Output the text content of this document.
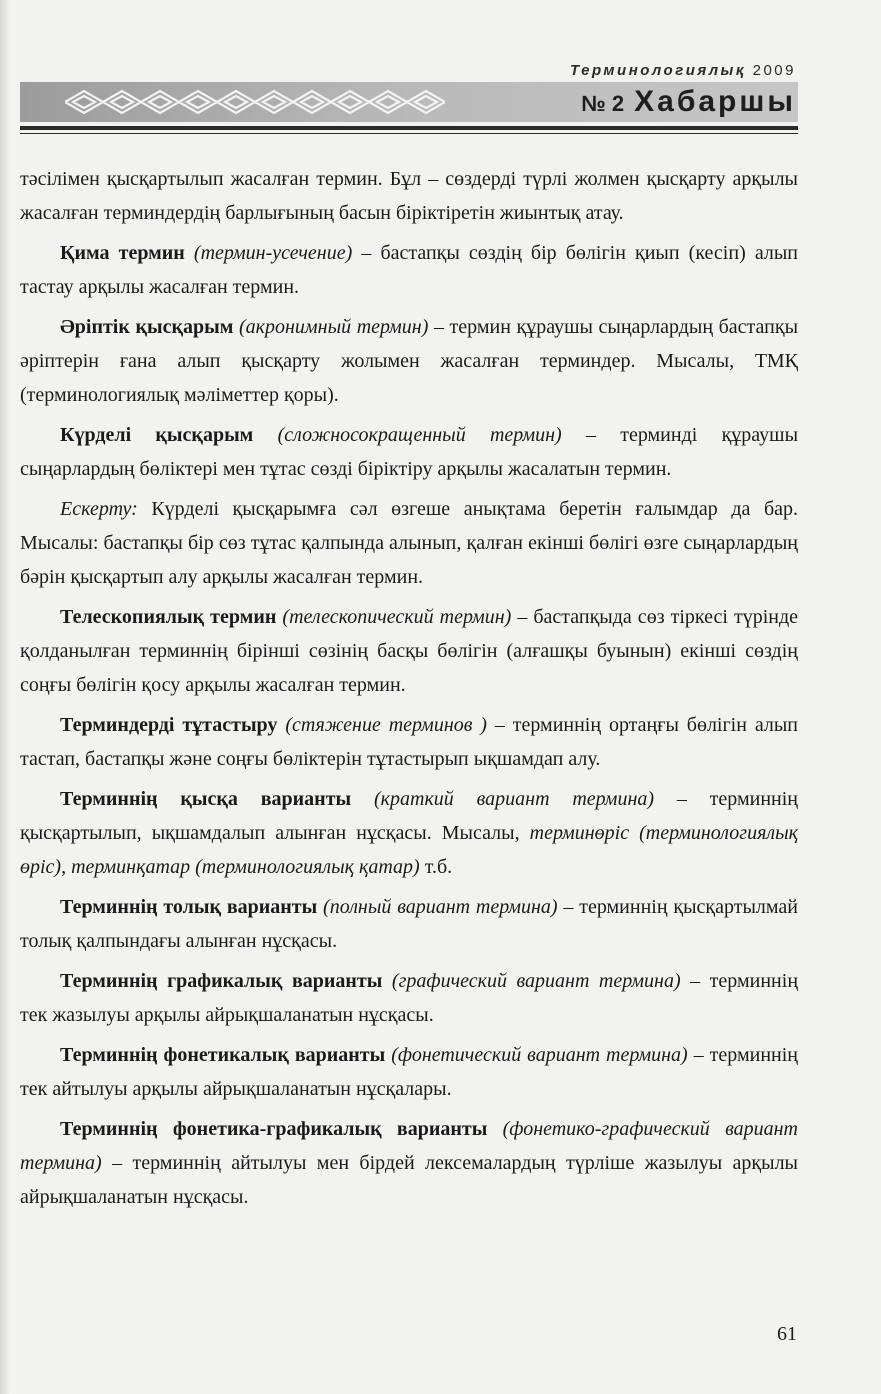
Терминологиялық 2009
№ 2 Хабаршы

тәсілімен қысқартылып жасалған термин. Бұл – сөздерді түрлі жолмен қысқарту арқылы жасалған терминдердің барлығының басын біріктіретін жиынтық атау.

Қима термин (термин-усечение) – бастапқы сөздің бір бөлігін қиып (кесіп) алып тастау арқылы жасалған термин.

Әріптік қысқарым (акронимный термин) – термин құраушы сыңарлардың бастапқы әріптерін ғана алып қысқарту жолымен жасалған терминдер. Мысалы, ТМҚ (терминологиялық мәліметтер қоры).

Күрделі қысқарым (сложносокращенный термин) – терминді құраушы сыңарлардың бөліктері мен тұтас сөзді біріктіру арқылы жасалатын термин.

Ескерту: Күрделі қысқарымға сәл өзгеше анықтама беретін ғалымдар да бар. Мысалы: бастапқы бір сөз тұтас қалпында алынып, қалған екінші бөлігі өзге сыңарлардың бәрін қысқартып алу арқылы жасалған термин.

Телескопиялық термин (телескопический термин) – бастапқыда сөз тіркесі түрінде қолданылған терминнің бірінші сөзінің басқы бөлігін (алғашқы буынын) екінші сөздің соңғы бөлігін қосу арқылы жасалған термин.

Терминдерді тұтастыру (стяжение терминов ) – терминнің ортаңғы бөлігін алып тастап, бастапқы және соңғы бөліктерін тұтастырып ықшамдап алу.

Терминнің қысқа варианты (краткий вариант термина) – терминнің қысқартылып, ықшамдалып алынған нұсқасы. Мысалы, терминөріс (терминологиялық өріс), терминқатар (терминологиялық қатар) т.б.

Терминнің толық варианты (полный вариант термина) – терминнің қысқартылмай толық қалпындағы алынған нұсқасы.

Терминнің графикалық варианты (графический вариант термина) – терминнің тек жазылуы арқылы айрықшаланатын нұсқасы.

Терминнің фонетикалық варианты (фонетический вариант термина) – терминнің тек айтылуы арқылы айрықшаланатын нұсқалары.

Терминнің фонетика-графикалық варианты (фонетико-графический вариант термина) – терминнің айтылуы мен бірдей лексемалардың түрліше жазылуы арқылы айрықшаланатын нұсқасы.

61
